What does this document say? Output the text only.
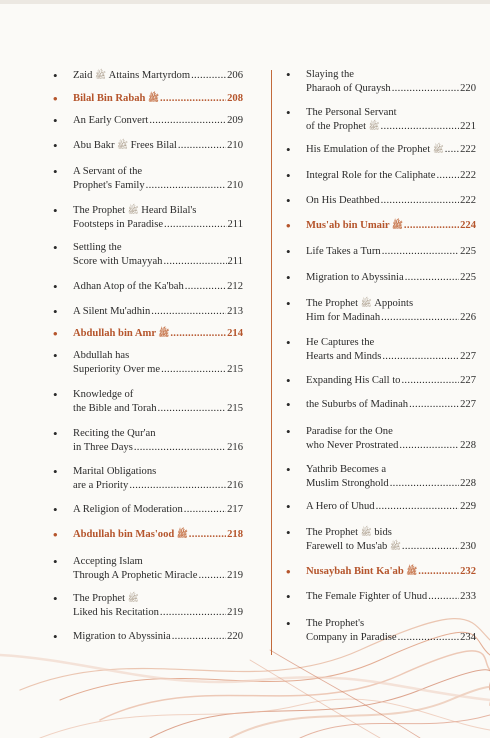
• Zaid ﷺ Attains Martyrdom .....	206
• Bilal Bin Rabah ﷺ .....	208
• An Early Convert .....	209
• Abu Bakr ﷺ Frees Bilal .....	210
• A Servant of the
Prophet's Family .....	210
• The Prophet ﷺ Heard Bilal's
Footsteps in Paradise .....	211
• Settling the
Score with Umayyah .....	211
• Adhan Atop of the Ka'bah .....	212
• A Silent Mu'adhin .....	213
• Abdullah bin Amr ﷺ .....	214
• Abdullah has
Superiority Over me .....	215
• Knowledge of
the Bible and Torah .....	215
• Reciting the Qur'an
in Three Days .....	216
• Marital Obligations
are a Priority .....	216
• A Religion of Moderation .....	217
• Abdullah bin Mas'ood ﷺ .....	218
• Accepting Islam
Through A Prophetic Miracle .....	219
• The Prophet ﷺ
Liked his Recitation .....	219
• Migration to Abyssinia .....	220
• Slaying the
Pharaoh of Quraysh .....	220
• The Personal Servant
of the Prophet ﷺ .....	221
• His Emulation of the Prophet ﷺ ..... 222
• Integral Role for the Caliphate ..... 222
• On His Deathbed .....	222
• Mus'ab bin Umair ﷺ .....	224
• Life Takes a Turn .....	225
• Migration to Abyssinia .....	225
• The Prophet ﷺ Appoints
Him for Madinah .....	226
• He Captures the
Hearts and Minds .....	227
• Expanding His Call to .....	227
• the Suburbs of Madinah .....	227
• Paradise for the One
who Never Prostrated .....	228
• Yathrib Becomes a
Muslim Stronghold .....	228
• A Hero of Uhud .....	229
• The Prophet ﷺ bids
Farewell to Mus'ab ﷺ .....	230
• Nusaybah Bint Ka'ab ﷺ .....	232
• The Female Fighter of Uhud .....	233
• The Prophet's
Company in Paradise .....	234
